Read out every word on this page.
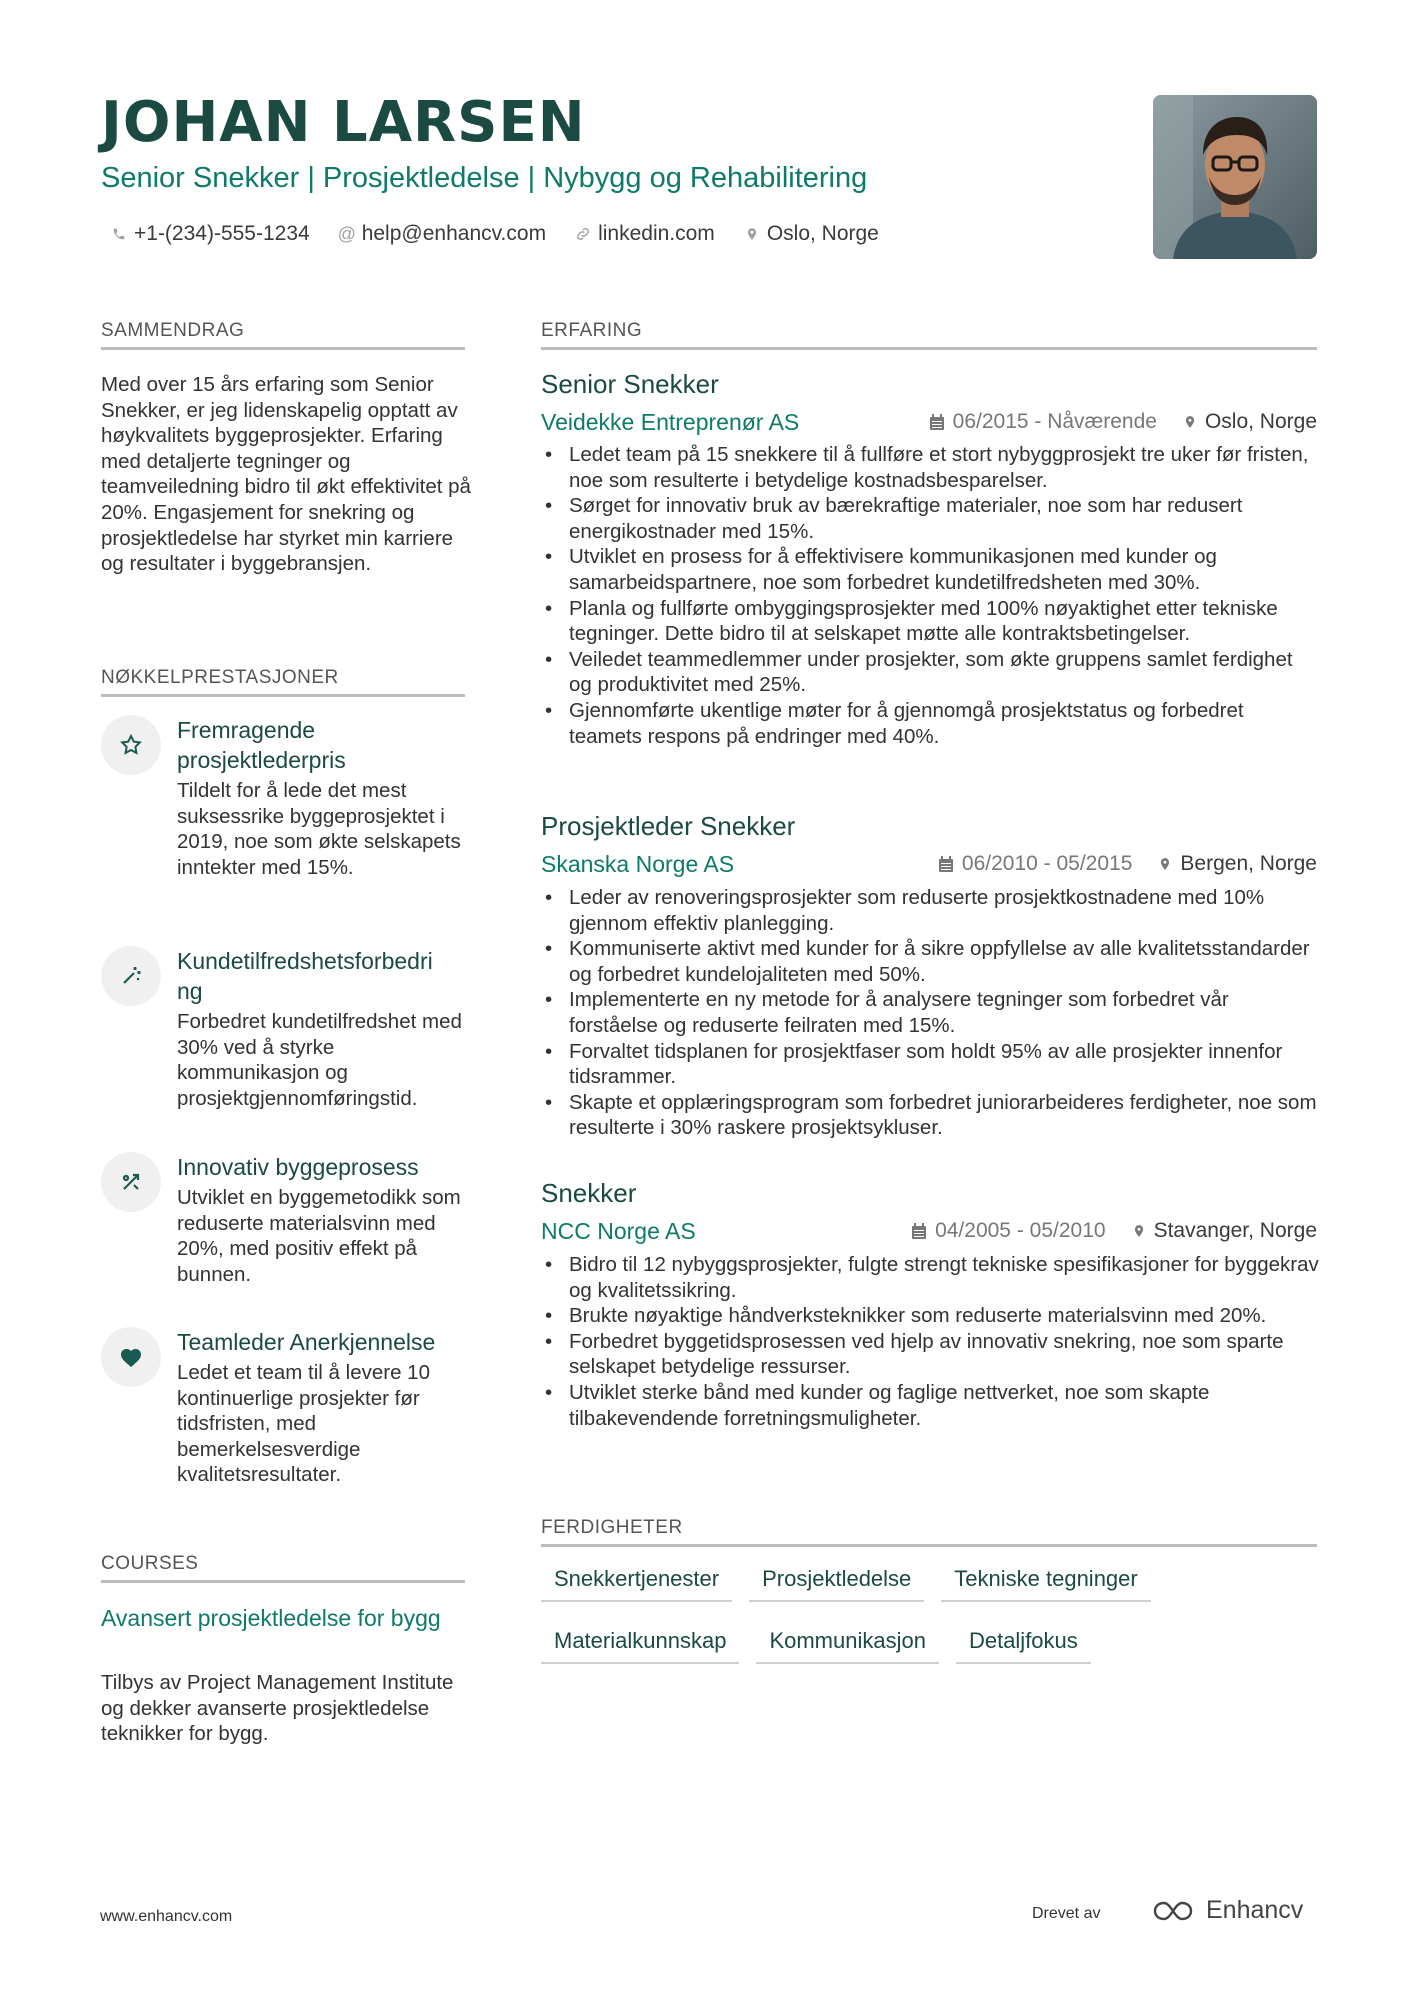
JOHAN LARSEN
Senior Snekker | Prosjektledelse | Nybygg og Rehabilitering
+1-(234)-555-1234 @ help@enhancv.com linkedin.com Oslo, Norge
SAMMENDRAG
Med over 15 års erfaring som Senior Snekker, er jeg lidenskapelig opptatt av høykvalitets byggeprosjekter. Erfaring med detaljerte tegninger og teamveiledning bidro til økt effektivitet på 20%. Engasjement for snekring og prosjektledelse har styrket min karriere og resultater i byggebransjen.
NØKKELPRESTASJONER
Fremragende prosjektlederpris
Tildelt for å lede det mest suksessrike byggeprosjektet i 2019, noe som økte selskapets inntekter med 15%.
Kundetilfredshetsforbedri
ng
Forbedret kundetilfredshet med 30% ved å styrke kommunikasjon og prosjektgjennomføringstid.
Innovativ byggeprosess
Utviklet en byggemetodikk som reduserte materialsvinn med 20%, med positiv effekt på bunnen.
Teamleder Anerkjennelse
Ledet et team til å levere 10 kontinuerlige prosjekter før tidsfristen, med bemerkelsesverdige kvalitetsresultater.
COURSES
Avansert prosjektledelse for bygg
Tilbys av Project Management Institute og dekker avanserte prosjektledelse teknikker for bygg.
ERFARING
Senior Snekker
Veidekke Entreprenør AS	06/2015 - Nåværende Oslo, Norge
• Ledet team på 15 snekkere til å fullføre et stort nybyggprosjekt tre uker før fristen, noe som resulterte i betydelige kostnadsbesparelser.
• Sørget for innovativ bruk av bærekraftige materialer, noe som har redusert energikostnader med 15%.
• Utviklet en prosess for å effektivisere kommunikasjonen med kunder og samarbeidspartnere, noe som forbedret kundetilfredsheten med 30%.
• Planla og fullførte ombyggingsprosjekter med 100% nøyaktighet etter tekniske tegninger. Dette bidro til at selskapet møtte alle kontraktsbetingelser.
• Veiledet teammedlemmer under prosjekter, som økte gruppens samlet ferdighet og produktivitet med 25%.
• Gjennomførte ukentlige møter for å gjennomgå prosjektstatus og forbedret teamets respons på endringer med 40%.
Prosjektleder Snekker
Skanska Norge AS	06/2010 - 05/2015 Bergen, Norge
• Leder av renoveringsprosjekter som reduserte prosjektkostnadene med 10% gjennom effektiv planlegging.
• Kommuniserte aktivt med kunder for å sikre oppfyllelse av alle kvalitetsstandarder og forbedret kundelojaliteten med 50%.
• Implementerte en ny metode for å analysere tegninger som forbedret vår forståelse og reduserte feilraten med 15%.
• Forvaltet tidsplanen for prosjektfaser som holdt 95% av alle prosjekter innenfor tidsrammer.
• Skapte et opplæringsprogram som forbedret juniorarbeideres ferdigheter, noe som resulterte i 30% raskere prosjektsykluser.
Snekker
NCC Norge AS	04/2005 - 05/2010 Stavanger, Norge
• Bidro til 12 nybyggsprosjekter, fulgte strengt tekniske spesifikasjoner for byggekrav og kvalitetssikring.
• Brukte nøyaktige håndverksteknikker som reduserte materialsvinn med 20%.
• Forbedret byggetidsprosessen ved hjelp av innovativ snekring, noe som sparte selskapet betydelige ressurser.
• Utviklet sterke bånd med kunder og faglige nettverket, noe som skapte tilbakevendende forretningsmuligheter.
FERDIGHETER
Snekkertjenester	Prosjektledelse	Tekniske tegninger
Materialkunnskap	Kommunikasjon	Detaljfokus
www.enhancv.com	Drevet av	Enhancv
